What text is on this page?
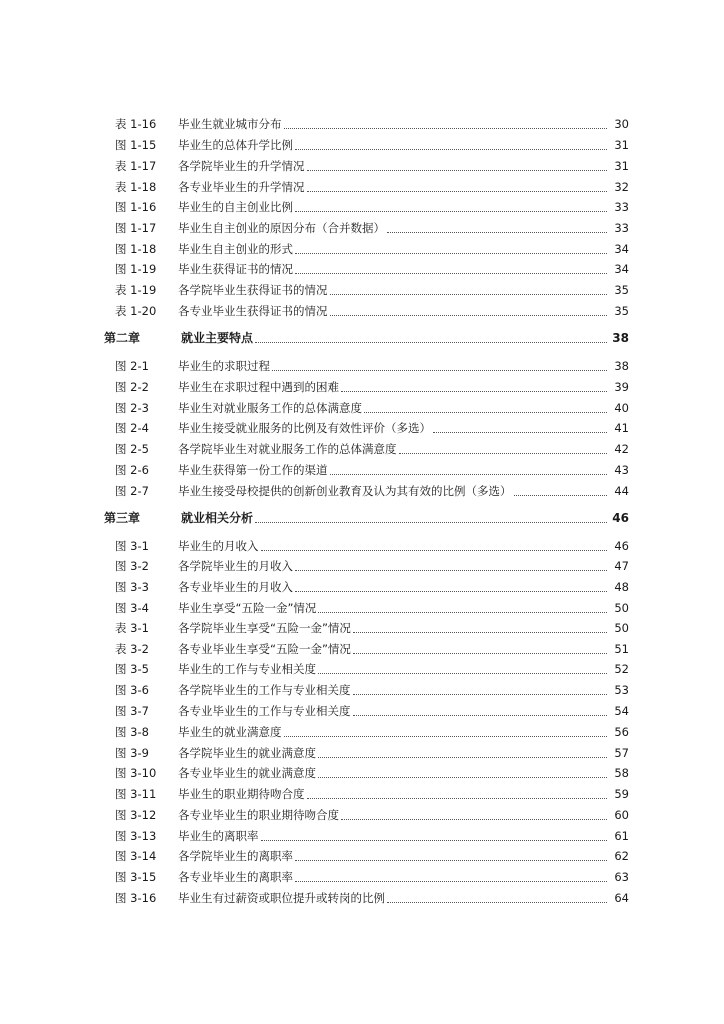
表 1-16	毕业生就业城市分布	30
图 1-15	毕业生的总体升学比例	31
表 1-17	各学院毕业生的升学情况	31
表 1-18	各专业毕业生的升学情况	32
图 1-16	毕业生的自主创业比例	33
图 1-17	毕业生自主创业的原因分布（合并数据）	33
图 1-18	毕业生自主创业的形式	34
图 1-19	毕业生获得证书的情况	34
表 1-19	各学院毕业生获得证书的情况	35
表 1-20	各专业毕业生获得证书的情况	35
第二章	就业主要特点	38
图 2-1	毕业生的求职过程	38
图 2-2	毕业生在求职过程中遇到的困难	39
图 2-3	毕业生对就业服务工作的总体满意度	40
图 2-4	毕业生接受就业服务的比例及有效性评价（多选）	41
图 2-5	各学院毕业生对就业服务工作的总体满意度	42
图 2-6	毕业生获得第一份工作的渠道	43
图 2-7	毕业生接受母校提供的创新创业教育及认为其有效的比例（多选）	44
第三章	就业相关分析	46
图 3-1	毕业生的月收入	46
图 3-2	各学院毕业生的月收入	47
图 3-3	各专业毕业生的月收入	48
图 3-4	毕业生享受“五险一金”情况	50
表 3-1	各学院毕业生享受“五险一金”情况	50
表 3-2	各专业毕业生享受“五险一金”情况	51
图 3-5	毕业生的工作与专业相关度	52
图 3-6	各学院毕业生的工作与专业相关度	53
图 3-7	各专业毕业生的工作与专业相关度	54
图 3-8	毕业生的就业满意度	56
图 3-9	各学院毕业生的就业满意度	57
图 3-10	各专业毕业生的就业满意度	58
图 3-11	毕业生的职业期待吻合度	59
图 3-12	各专业毕业生的职业期待吻合度	60
图 3-13	毕业生的离职率	61
图 3-14	各学院毕业生的离职率	62
图 3-15	各专业毕业生的离职率	63
图 3-16	毕业生有过薪资或职位提升或转岗的比例	64
